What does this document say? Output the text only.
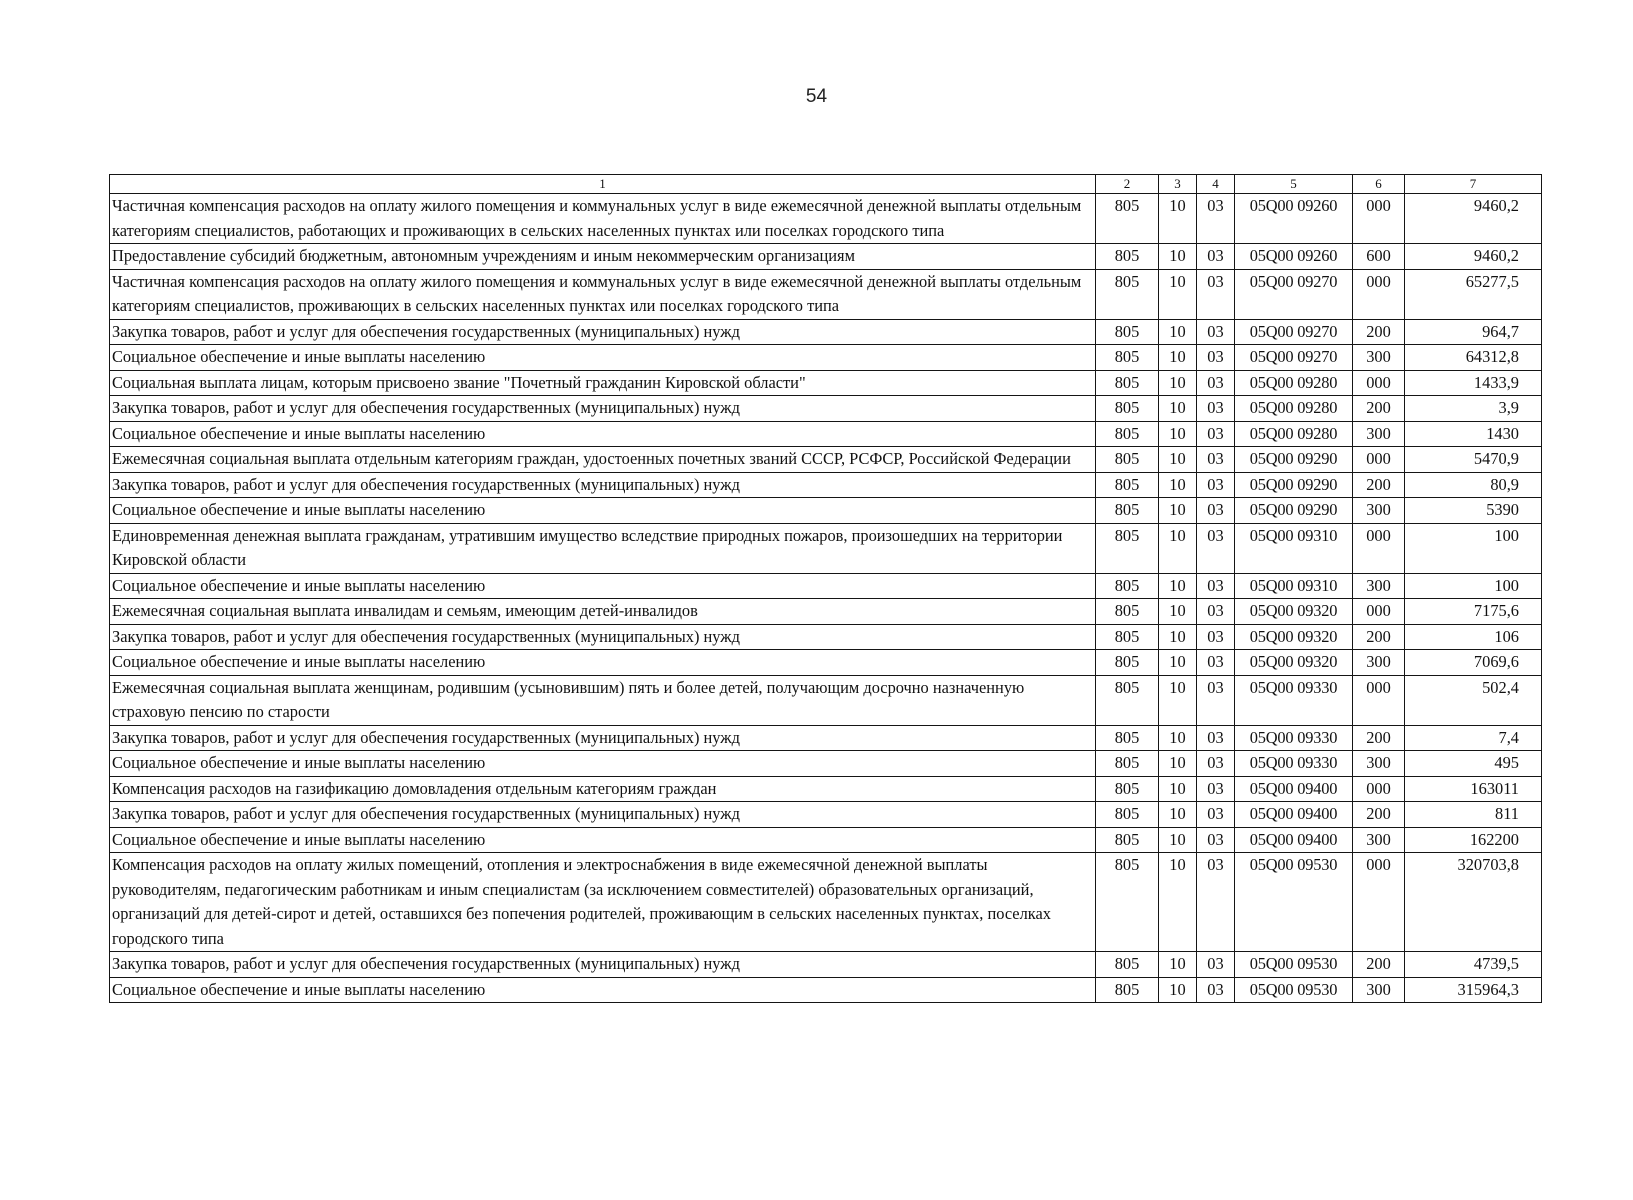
54
1	2	3	4	5	6	7
Частичная компенсация расходов на оплату жилого помещения и коммунальных услуг в виде ежемесячной денежной выплаты отдельным категориям специалистов, работающих и проживающих в сельских населенных пунктах или поселках городского типа	805	10	03	05Q00 09260	000	9460,2
Предоставление субсидий бюджетным, автономным учреждениям и иным некоммерческим организациям	805	10	03	05Q00 09260	600	9460,2
Частичная компенсация расходов на оплату жилого помещения и коммунальных услуг в виде ежемесячной денежной выплаты отдельным категориям специалистов, проживающих в сельских населенных пунктах или поселках городского типа	805	10	03	05Q00 09270	000	65277,5
Закупка товаров, работ и услуг для обеспечения государственных (муниципальных) нужд	805	10	03	05Q00 09270	200	964,7
Социальное обеспечение и иные выплаты населению	805	10	03	05Q00 09270	300	64312,8
Социальная выплата лицам, которым присвоено звание "Почетный гражданин Кировской области"	805	10	03	05Q00 09280	000	1433,9
Закупка товаров, работ и услуг для обеспечения государственных (муниципальных) нужд	805	10	03	05Q00 09280	200	3,9
Социальное обеспечение и иные выплаты населению	805	10	03	05Q00 09280	300	1430
Ежемесячная социальная выплата отдельным категориям граждан, удостоенных почетных званий СССР, РСФСР, Российской Федерации	805	10	03	05Q00 09290	000	5470,9
Закупка товаров, работ и услуг для обеспечения государственных (муниципальных) нужд	805	10	03	05Q00 09290	200	80,9
Социальное обеспечение и иные выплаты населению	805	10	03	05Q00 09290	300	5390
Единовременная денежная выплата гражданам, утратившим имущество вследствие природных пожаров, произошедших на территории Кировской области	805	10	03	05Q00 09310	000	100
Социальное обеспечение и иные выплаты населению	805	10	03	05Q00 09310	300	100
Ежемесячная социальная выплата инвалидам и семьям, имеющим детей-инвалидов	805	10	03	05Q00 09320	000	7175,6
Закупка товаров, работ и услуг для обеспечения государственных (муниципальных) нужд	805	10	03	05Q00 09320	200	106
Социальное обеспечение и иные выплаты населению	805	10	03	05Q00 09320	300	7069,6
Ежемесячная социальная выплата женщинам, родившим (усыновившим) пять и более детей, получающим досрочно назначенную страховую пенсию по старости	805	10	03	05Q00 09330	000	502,4
Закупка товаров, работ и услуг для обеспечения государственных (муниципальных) нужд	805	10	03	05Q00 09330	200	7,4
Социальное обеспечение и иные выплаты населению	805	10	03	05Q00 09330	300	495
Компенсация расходов на газификацию домовладения отдельным категориям граждан	805	10	03	05Q00 09400	000	163011
Закупка товаров, работ и услуг для обеспечения государственных (муниципальных) нужд	805	10	03	05Q00 09400	200	811
Социальное обеспечение и иные выплаты населению	805	10	03	05Q00 09400	300	162200
Компенсация расходов на оплату жилых помещений, отопления и электроснабжения в виде ежемесячной денежной выплаты руководителям, педагогическим работникам и иным специалистам (за исключением совместителей) образовательных организаций, организаций для детей-сирот и детей, оставшихся без попечения родителей, проживающим в сельских населенных пунктах, поселках городского типа	805	10	03	05Q00 09530	000	320703,8
Закупка товаров, работ и услуг для обеспечения государственных (муниципальных) нужд	805	10	03	05Q00 09530	200	4739,5
Социальное обеспечение и иные выплаты населению	805	10	03	05Q00 09530	300	315964,3
